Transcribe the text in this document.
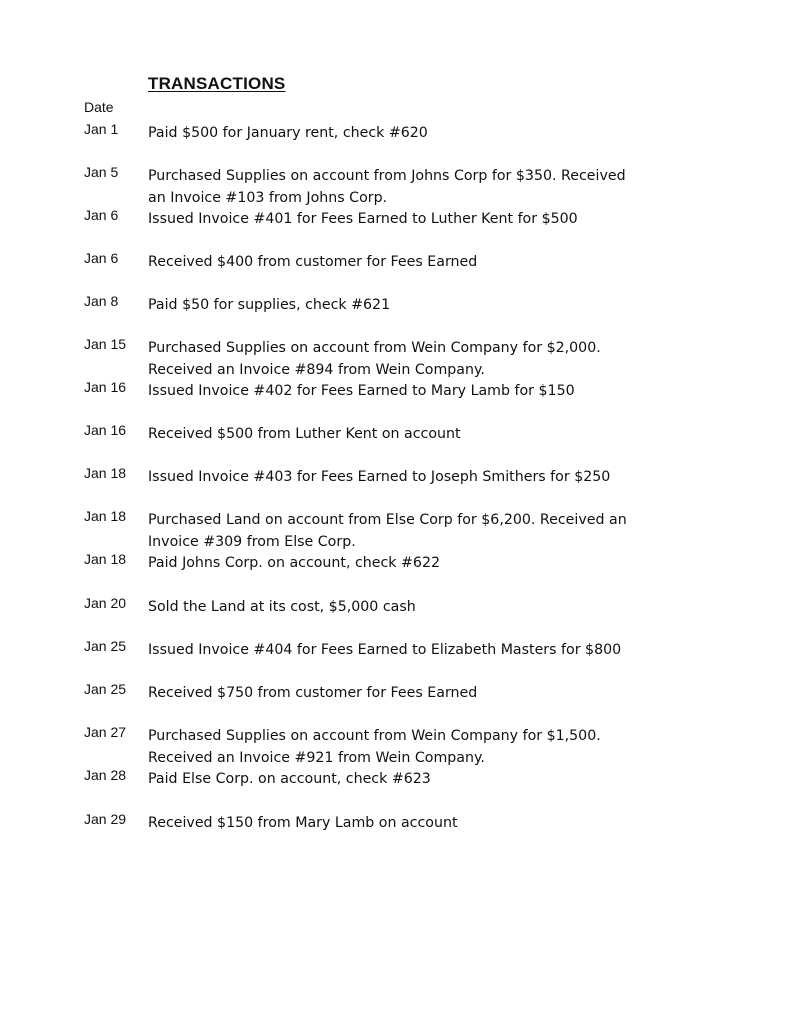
TRANSACTIONS
Date
Jan 1 Paid $500 for January rent, check #620
Jan 5 Purchased Supplies on account from Johns Corp for $350. Received
an Invoice #103 from Johns Corp.
Jan 6 Issued Invoice #401 for Fees Earned to Luther Kent for $500
Jan 6 Received $400 from customer for Fees Earned
Jan 8 Paid $50 for supplies, check #621
Jan 15 Purchased Supplies on account from Wein Company for $2,000.
Received an Invoice #894 from Wein Company.
Jan 16 Issued Invoice #402 for Fees Earned to Mary Lamb for $150
Jan 16 Received $500 from Luther Kent on account
Jan 18 Issued Invoice #403 for Fees Earned to Joseph Smithers for $250
Jan 18 Purchased Land on account from Else Corp for $6,200. Received an
Invoice #309 from Else Corp.
Jan 18 Paid Johns Corp. on account, check #622
Jan 20 Sold the Land at its cost, $5,000 cash
Jan 25 Issued Invoice #404 for Fees Earned to Elizabeth Masters for $800
Jan 25 Received $750 from customer for Fees Earned
Jan 27 Purchased Supplies on account from Wein Company for $1,500.
Received an Invoice #921 from Wein Company.
Jan 28 Paid Else Corp. on account, check #623
Jan 29 Received $150 from Mary Lamb on account
